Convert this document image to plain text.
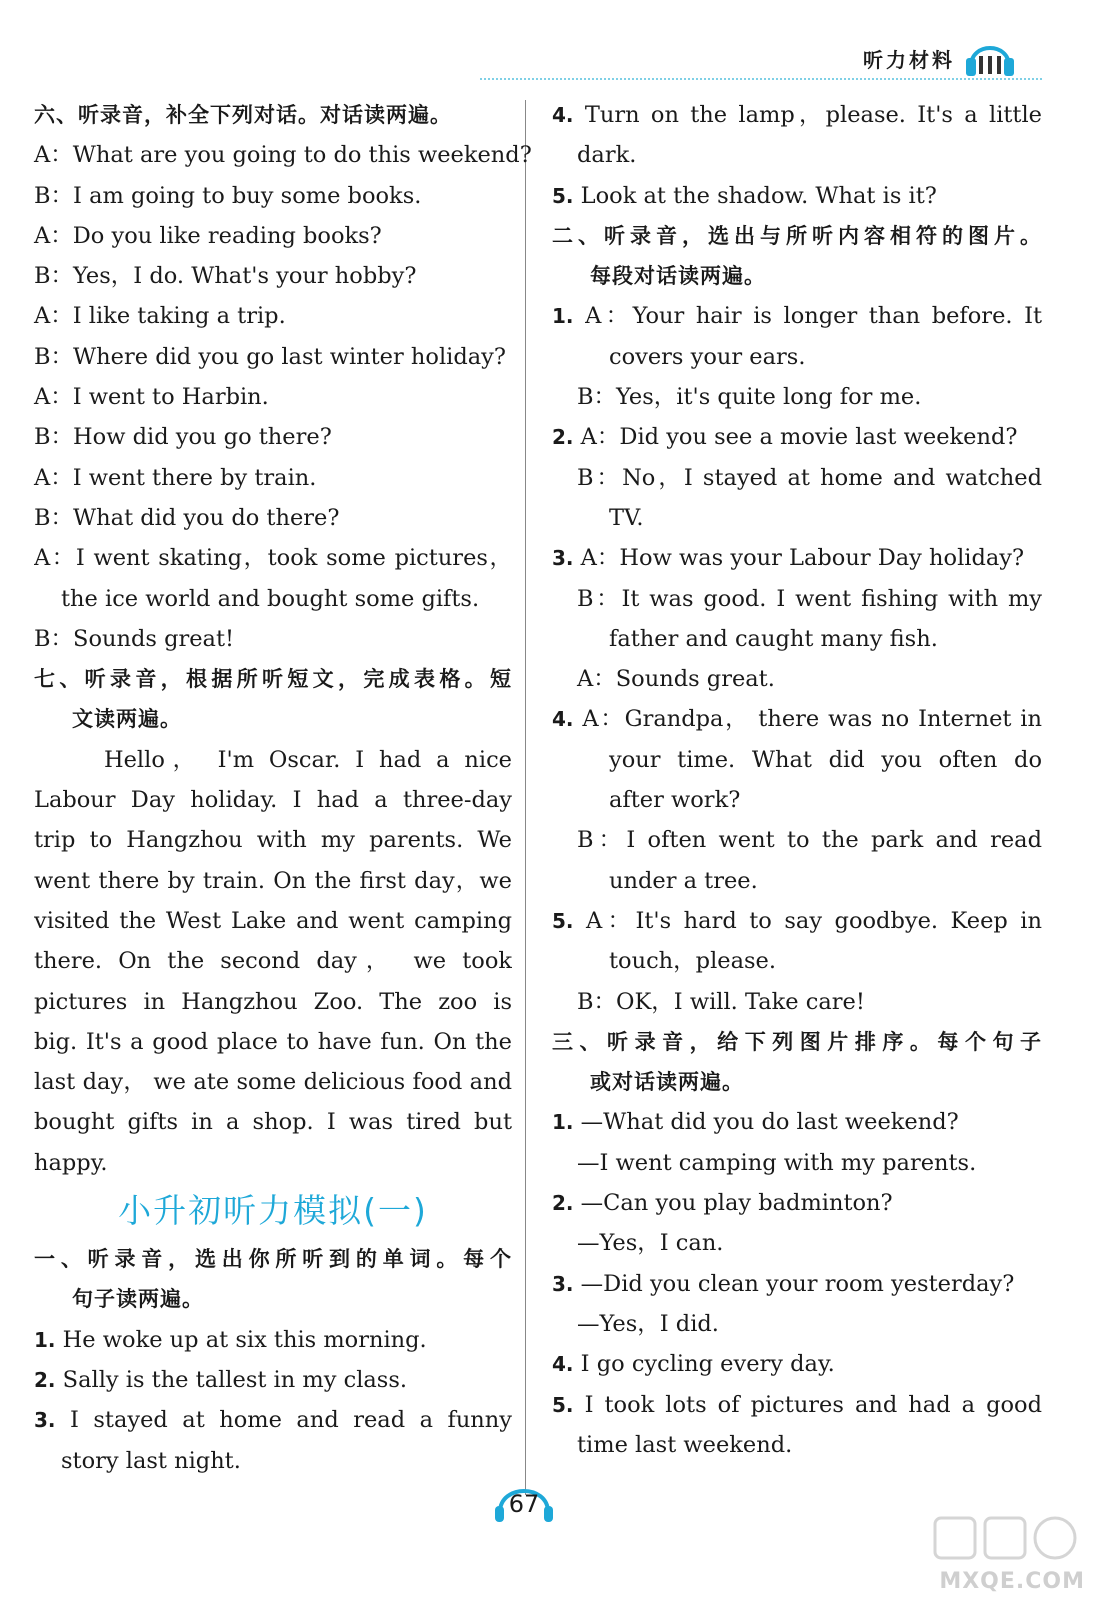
听力材料
六、听录音，补全下列对话。对话读两遍。
A：What are you going to do this weekend?
B：I am going to buy some books.
A：Do you like reading books?
B：Yes，I do. What's your hobby?
A：I like taking a trip.
B：Where did you go last winter holiday?
A：I went to Harbin.
B：How did you go there?
A：I went there by train.
B：What did you do there?
A：I went skating，took some pictures，
the ice world and bought some gifts.
B：Sounds great!
七、听录音，根据所听短文，完成表格。短
文读两遍。
Hello， I'm Oscar. I had a nice
Labour Day holiday. I had a three-day
trip to Hangzhou with my parents. We
went there by train. On the first day，we
visited the West Lake and went camping
there. On the second day， we took
pictures in Hangzhou Zoo. The zoo is
big. It's a good place to have fun. On the
last day， we ate some delicious food and
bought gifts in a shop. I was tired but
happy.
小升初听力模拟(一)
一、听录音，选出你所听到的单词。每个
句子读两遍。
1. He woke up at six this morning.
2. Sally is the tallest in my class.
3. I stayed at home and read a funny
story last night.
4. Turn on the lamp，please. It's a little
dark.
5. Look at the shadow. What is it?
二、听录音，选出与所听内容相符的图片。
每段对话读两遍。
1. A：Your hair is longer than before. It
covers your ears.
B：Yes，it's quite long for me.
2. A：Did you see a movie last weekend?
B：No，I stayed at home and watched
TV.
3. A：How was your Labour Day holiday?
B：It was good. I went fishing with my
father and caught many fish.
A：Sounds great.
4. A：Grandpa， there was no Internet in
your time. What did you often do
after work?
B：I often went to the park and read
under a tree.
5. A：It's hard to say goodbye. Keep in
touch，please.
B：OK，I will. Take care!
三、听录音，给下列图片排序。每个句子
或对话读两遍。
1. —What did you do last weekend?
—I went camping with my parents.
2. —Can you play badminton?
—Yes，I can.
3. —Did you clean your room yesterday?
—Yes，I did.
4. I go cycling every day.
5. I took lots of pictures and had a good
time last weekend.
67
MXQE.COM
